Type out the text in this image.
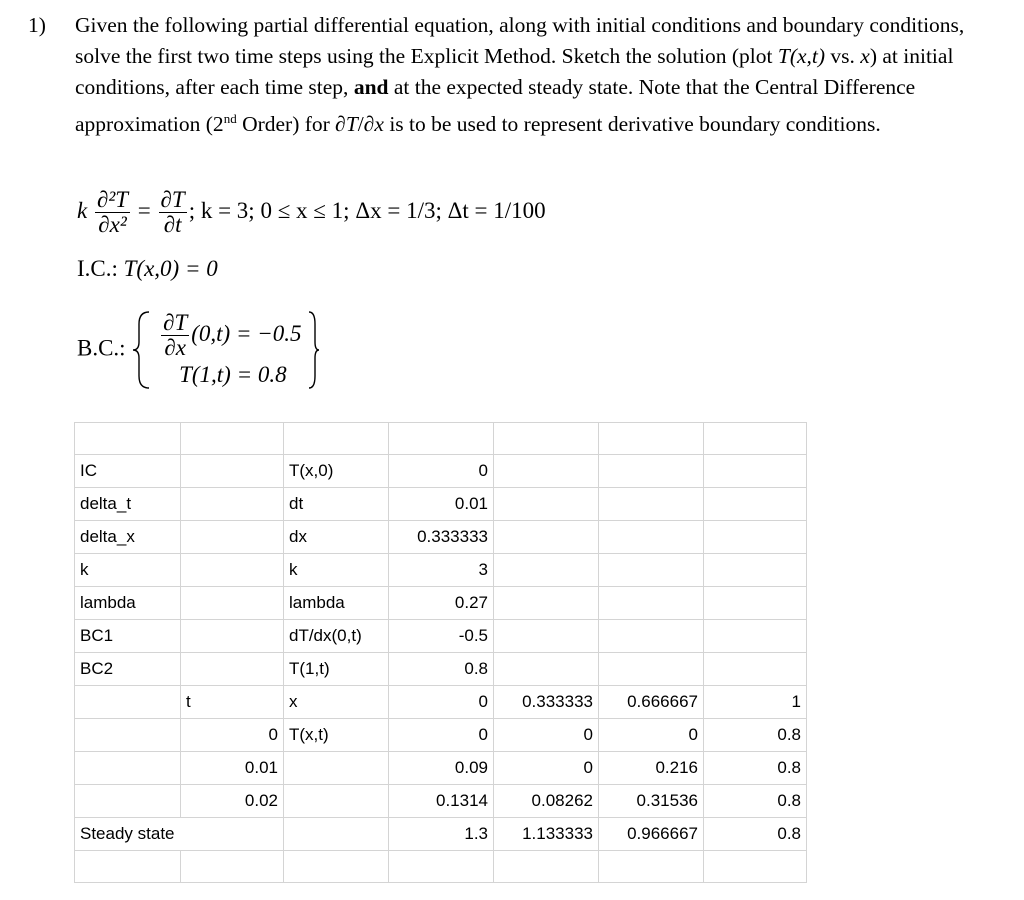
1) Given the following partial differential equation, along with initial conditions and boundary conditions, solve the first two time steps using the Explicit Method. Sketch the solution (plot T(x,t) vs. x) at initial conditions, after each time step, and at the expected steady state. Note that the Central Difference approximation (2nd Order) for ∂T/∂x is to be used to represent derivative boundary conditions.
k $\frac{\text{∂²T}}{\text{∂x²}} = \frac{\partial T}{\partial t}$ ; k = 3; 0 ≤ x ≤ 1; Δx = 1/3; Δt = 1/100
I.C.: T(x,0) = 0
B.C.: $\frac{\partial T}{\partial x} (0,t) = -0.5$
T(1,t) = 0.8

IC		T(x,0)	0			
delta_t		dt	0.01			
delta_x		dx	0.333333			
k		k	3			
lambda		lambda	0.27			
BC1		dT/dx(0,t)	-0.5			
BC2		T(1,t)	0.8			
	t	x	0	0.333333	0.666667	1
	0	T(x,t)	0	0	0	0.8
	0.01		0.09	0	0.216	0.8
	0.02		0.1314	0.08262	0.31536	0.8
Steady state			1.3	1.133333	0.966667	0.8
